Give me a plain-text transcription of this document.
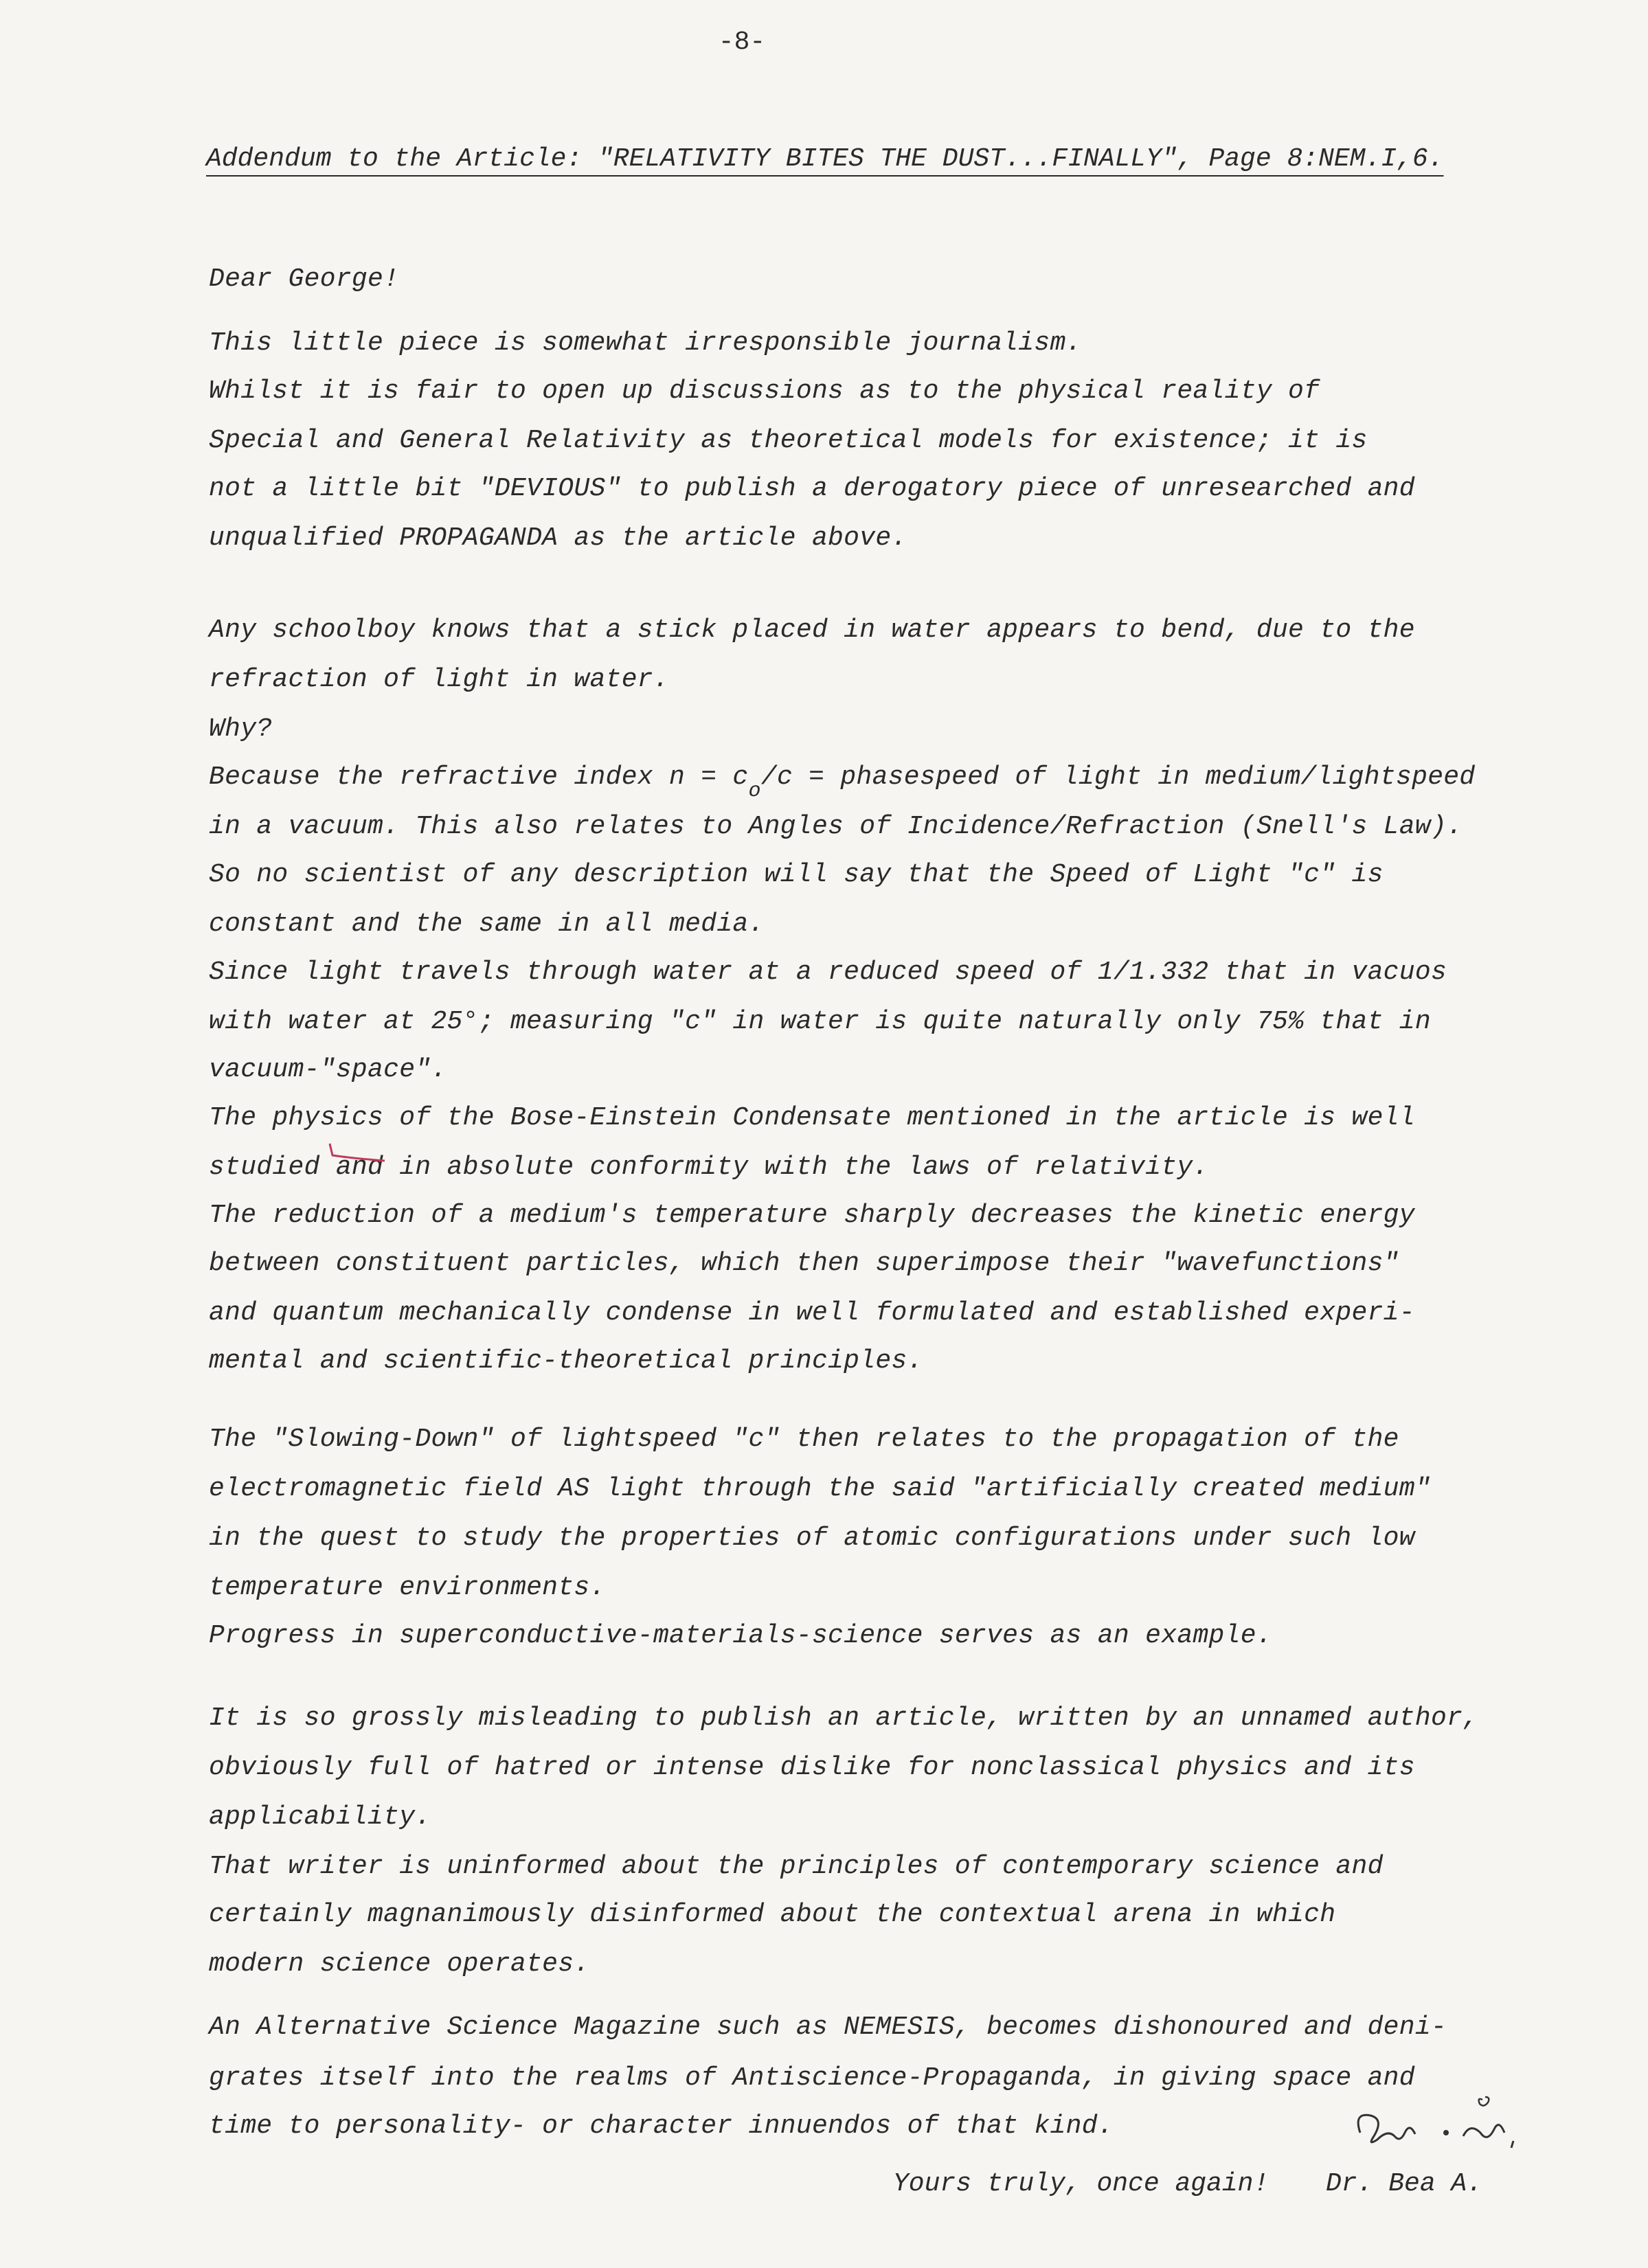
-8-
Addendum to the Article: "RELATIVITY BITES THE DUST...FINALLY", Page 8:NEM.I,6.
Dear George!
This little piece is somewhat irresponsible journalism.
Whilst it is fair to open up discussions as to the physical reality of
Special and General Relativity as theoretical models for existence; it is
not a little bit "DEVIOUS" to publish a derogatory piece of unresearched and
unqualified PROPAGANDA as the article above.
Any schoolboy knows that a stick placed in water appears to bend, due to the
refraction of light in water.
Why?
Because the refractive index $n = c_o/c$ = phasespeed of light in medium/lightspeed
in a vacuum. This also relates to Angles of Incidence/Refraction (Snell's Law).
So no scientist of any description will say that the Speed of Light "c" is
constant and the same in all media.
Since light travels through water at a reduced speed of 1/1.332 that in vacuos
with water at 25°; measuring "c" in water is quite naturally only 75% that in
vacuum-"space".
The physics of the Bose-Einstein Condensate mentioned in the article is well
studied and in absolute conformity with the laws of relativity.
The reduction of a medium's temperature sharply decreases the kinetic energy
between constituent particles, which then superimpose their "wavefunctions"
and quantum mechanically condense in well formulated and established experi-
mental and scientific-theoretical principles.
The "Slowing-Down" of lightspeed "c" then relates to the propagation of the
electromagnetic field AS light through the said "artificially created medium"
in the quest to study the properties of atomic configurations under such low
temperature environments.
Progress in superconductive-materials-science serves as an example.
It is so grossly misleading to publish an article, written by an unnamed author,
obviously full of hatred or intense dislike for nonclassical physics and its
applicability.
That writer is uninformed about the principles of contemporary science and
certainly magnanimously disinformed about the contextual arena in which
modern science operates.
An Alternative Science Magazine such as NEMESIS, becomes dishonoured and deni-
grates itself into the realms of Antiscience-Propaganda, in giving space and
time to personality- or character innuendos of that kind.
Yours truly, once again! Dr. Bea A.
